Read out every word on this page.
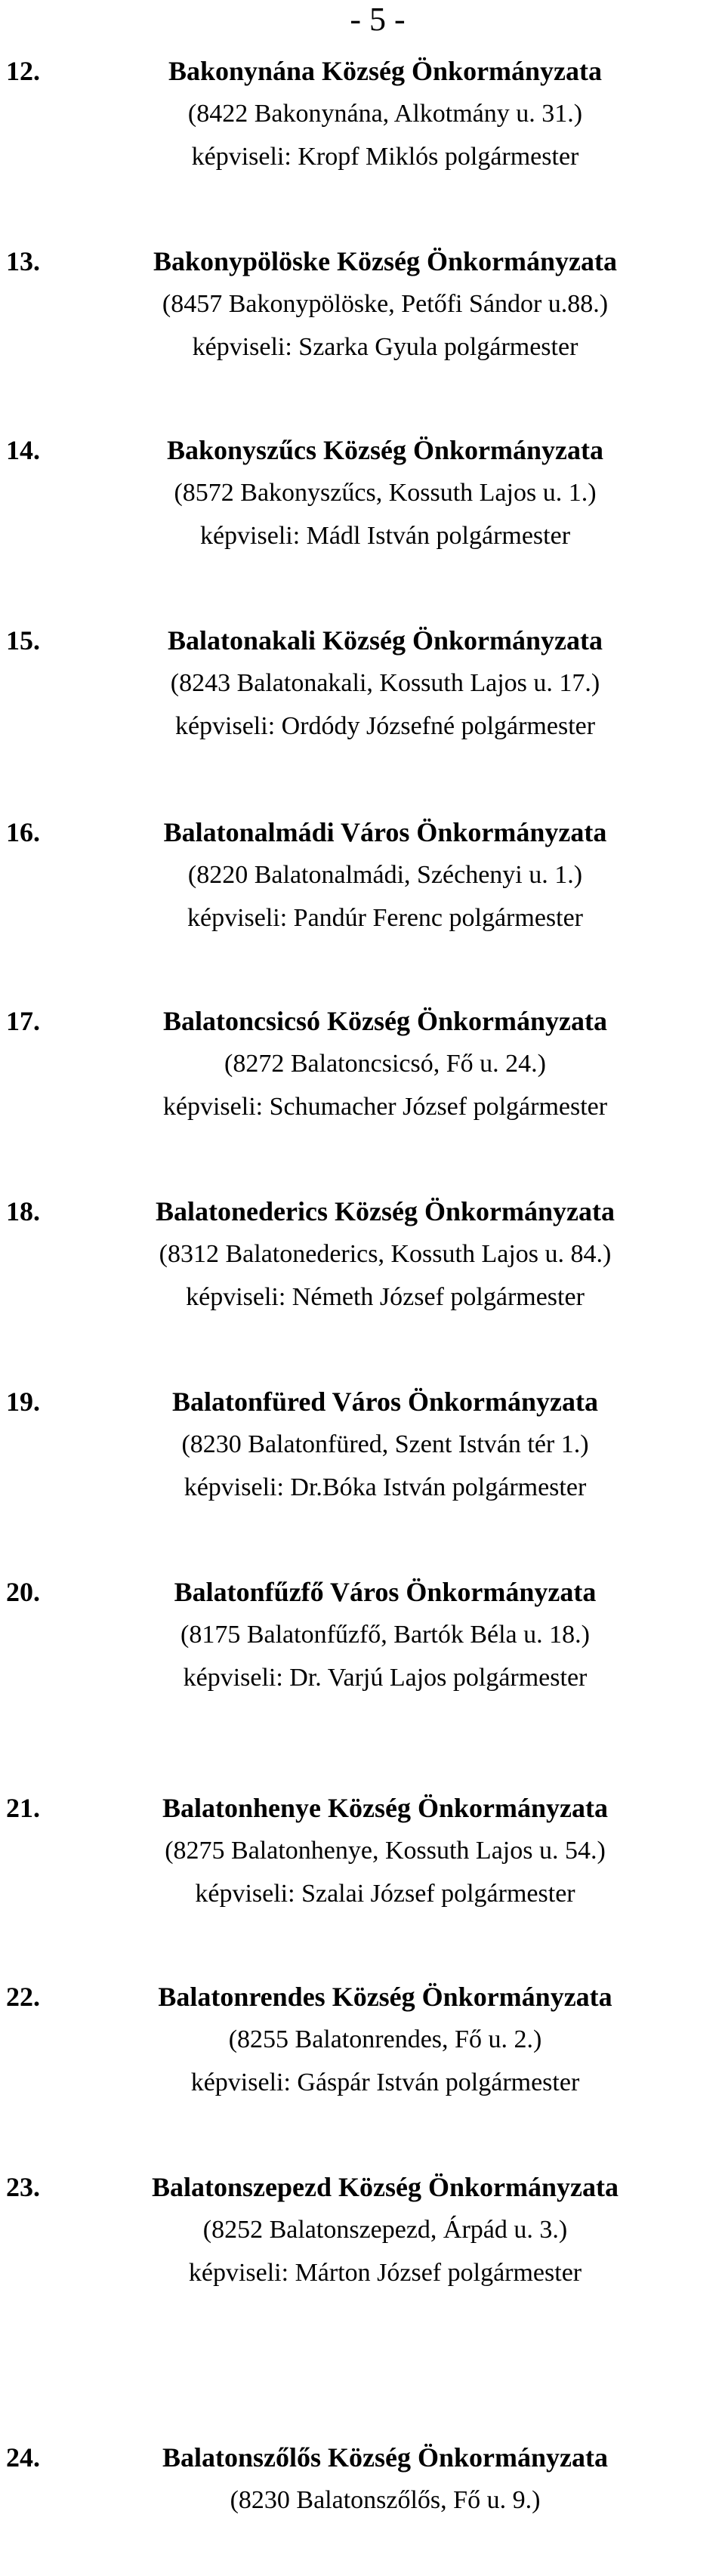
- 5 -
12.	Bakonynána Község Önkormányzata
(8422 Bakonynána, Alkotmány u. 31.)
képviseli: Kropf Miklós polgármester
13.	Bakonypölöske Község Önkormányzata
(8457 Bakonypölöske, Petőfi Sándor u.88.)
képviseli: Szarka Gyula polgármester
14.	Bakonyszűcs Község Önkormányzata
(8572 Bakonyszűcs, Kossuth Lajos u. 1.)
képviseli: Mádl István polgármester
15.	Balatonakali Község Önkormányzata
(8243 Balatonakali, Kossuth Lajos u. 17.)
képviseli: Ordódy Józsefné polgármester
16.	Balatonalmádi Város Önkormányzata
(8220 Balatonalmádi, Széchenyi u. 1.)
képviseli: Pandúr Ferenc polgármester
17.	Balatoncsicsó Község Önkormányzata
(8272 Balatoncsicsó, Fő u. 24.)
képviseli: Schumacher József polgármester
18.	Balatonederics Község Önkormányzata
(8312 Balatonederics, Kossuth Lajos u. 84.)
képviseli: Németh József polgármester
19.	Balatonfüred Város Önkormányzata
(8230 Balatonfüred, Szent István tér 1.)
képviseli: Dr.Bóka István polgármester
20.	Balatonfűzfő Város Önkormányzata
(8175 Balatonfűzfő, Bartók Béla u. 18.)
képviseli: Dr. Varjú Lajos polgármester
21.	Balatonhenye Község Önkormányzata
(8275 Balatonhenye, Kossuth Lajos u. 54.)
képviseli: Szalai József polgármester
22.	Balatonrendes Község Önkormányzata
(8255 Balatonrendes, Fő u. 2.)
képviseli: Gáspár István polgármester
23.	Balatonszepezd Község Önkormányzata
(8252 Balatonszepezd, Árpád u. 3.)
képviseli: Márton József polgármester
24.	Balatonszőlős Község Önkormányzata
(8230 Balatonszőlős, Fő u. 9.)
